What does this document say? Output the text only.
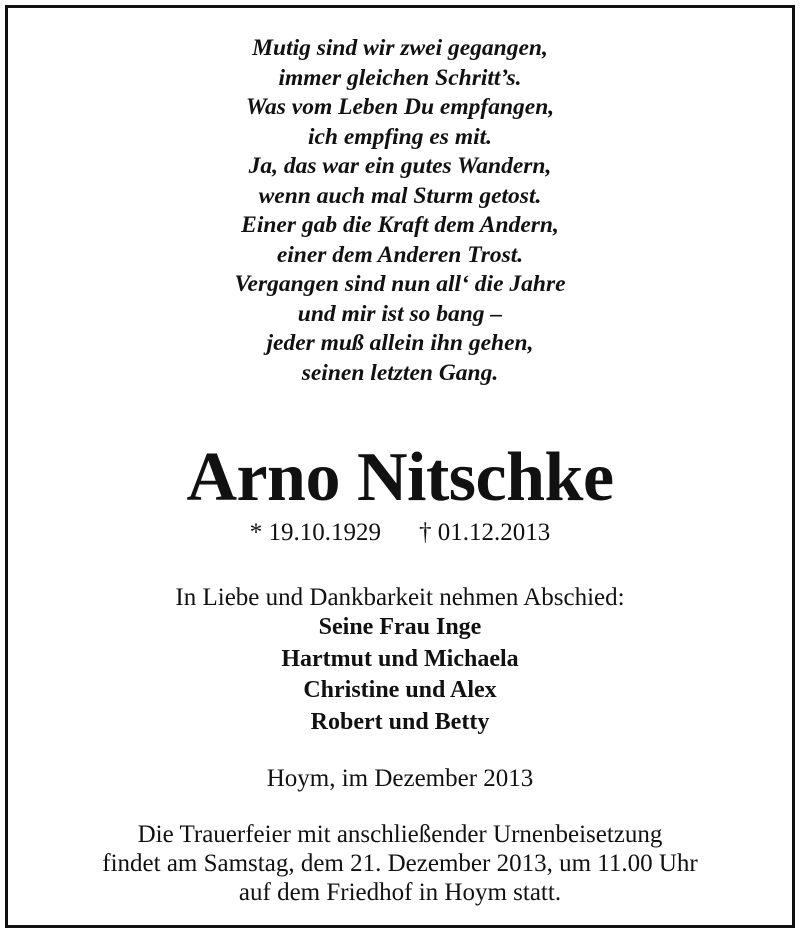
Mutig sind wir zwei gegangen,
immer gleichen Schritt’s.
Was vom Leben Du empfangen,
ich empfing es mit.
Ja, das war ein gutes Wandern,
wenn auch mal Sturm getost.
Einer gab die Kraft dem Andern,
einer dem Anderen Trost.
Vergangen sind nun all‘ die Jahre
und mir ist so bang –
jeder muß allein ihn gehen,
seinen letzten Gang.
Arno Nitschke
* 19.10.1929 † 01.12.2013
In Liebe und Dankbarkeit nehmen Abschied:
Seine Frau Inge
Hartmut und Michaela
Christine und Alex
Robert und Betty
Hoym, im Dezember 2013
Die Trauerfeier mit anschließender Urnenbeisetzung
findet am Samstag, dem 21. Dezember 2013, um 11.00 Uhr
auf dem Friedhof in Hoym statt.
